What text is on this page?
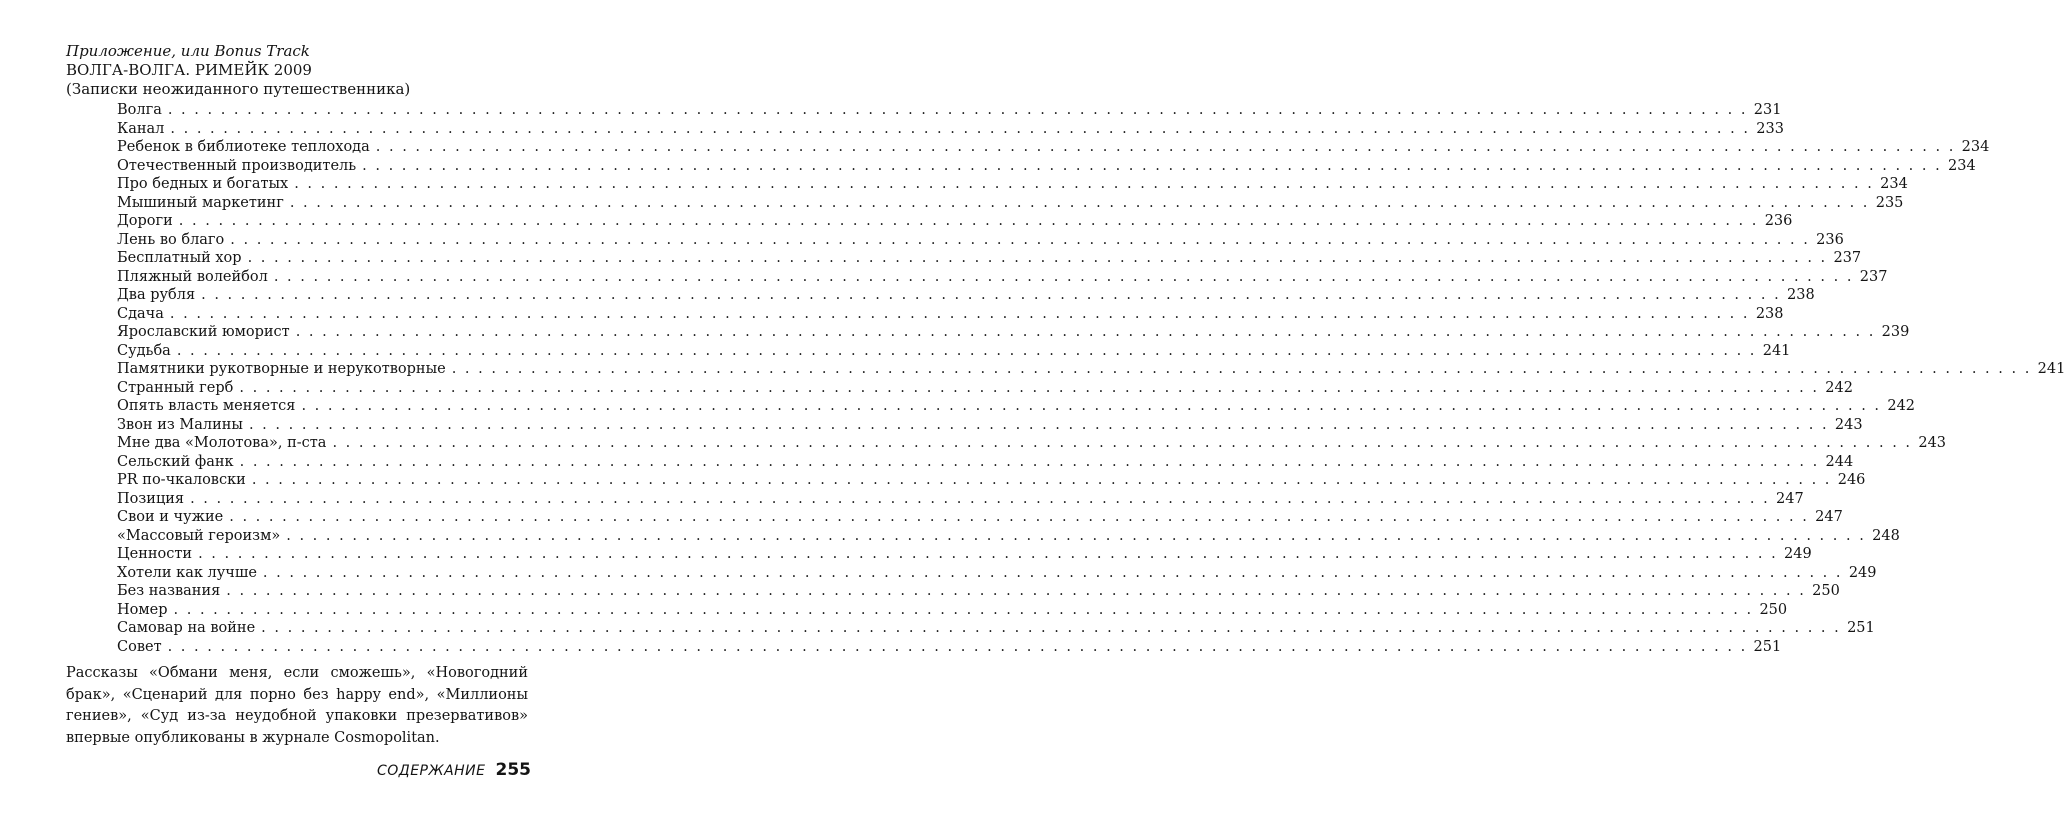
Приложение, или Bonus Track
ВОЛГА-ВОЛГА. РИМЕЙК 2009
(Записки неожиданного путешественника)
Волга . . . . . . . . . . . . . . . . . . . . . . . . . . . . . . . . . . . . . . . . . . . . . . . . . . . . . . . . . . . . . . . . . . . . . . . . . . . . . . . . . . . . . . . . . . . . . . . . . . . . . . . . . . . . . . . . . . . . . . . . 231
Канал . . . . . . . . . . . . . . . . . . . . . . . . . . . . . . . . . . . . . . . . . . . . . . . . . . . . . . . . . . . . . . . . . . . . . . . . . . . . . . . . . . . . . . . . . . . . . . . . . . . . . . . . . . . . . . . . . . . . . . . . 233
Ребенок в библиотеке теплохода . . . . . . . . . . . . . . . . . . . . . . . . . . . . . . . . . . . . . . . . . . . . . . . . . . . . . . . . . . . . . . . . . . . . . . . . . . . . . . . . . . . . . . . . . . . . . . . . . . . . . . . . . . . . . . . . . . . . . . . . 234
Отечественный производитель . . . . . . . . . . . . . . . . . . . . . . . . . . . . . . . . . . . . . . . . . . . . . . . . . . . . . . . . . . . . . . . . . . . . . . . . . . . . . . . . . . . . . . . . . . . . . . . . . . . . . . . . . . . . . . . . . . . . . . . . 234
Про бедных и богатых . . . . . . . . . . . . . . . . . . . . . . . . . . . . . . . . . . . . . . . . . . . . . . . . . . . . . . . . . . . . . . . . . . . . . . . . . . . . . . . . . . . . . . . . . . . . . . . . . . . . . . . . . . . . . . . . . . . . . . . . 234
Мышиный маркетинг . . . . . . . . . . . . . . . . . . . . . . . . . . . . . . . . . . . . . . . . . . . . . . . . . . . . . . . . . . . . . . . . . . . . . . . . . . . . . . . . . . . . . . . . . . . . . . . . . . . . . . . . . . . . . . . . . . . . . . . . 235
Дороги . . . . . . . . . . . . . . . . . . . . . . . . . . . . . . . . . . . . . . . . . . . . . . . . . . . . . . . . . . . . . . . . . . . . . . . . . . . . . . . . . . . . . . . . . . . . . . . . . . . . . . . . . . . . . . . . . . . . . . . . 236
Лень во благо . . . . . . . . . . . . . . . . . . . . . . . . . . . . . . . . . . . . . . . . . . . . . . . . . . . . . . . . . . . . . . . . . . . . . . . . . . . . . . . . . . . . . . . . . . . . . . . . . . . . . . . . . . . . . . . . . . . . . . . . 236
Бесплатный хор . . . . . . . . . . . . . . . . . . . . . . . . . . . . . . . . . . . . . . . . . . . . . . . . . . . . . . . . . . . . . . . . . . . . . . . . . . . . . . . . . . . . . . . . . . . . . . . . . . . . . . . . . . . . . . . . . . . . . . . . 237
Пляжный волейбол . . . . . . . . . . . . . . . . . . . . . . . . . . . . . . . . . . . . . . . . . . . . . . . . . . . . . . . . . . . . . . . . . . . . . . . . . . . . . . . . . . . . . . . . . . . . . . . . . . . . . . . . . . . . . . . . . . . . . . . . 237
Два рубля . . . . . . . . . . . . . . . . . . . . . . . . . . . . . . . . . . . . . . . . . . . . . . . . . . . . . . . . . . . . . . . . . . . . . . . . . . . . . . . . . . . . . . . . . . . . . . . . . . . . . . . . . . . . . . . . . . . . . . . . 238
Сдача . . . . . . . . . . . . . . . . . . . . . . . . . . . . . . . . . . . . . . . . . . . . . . . . . . . . . . . . . . . . . . . . . . . . . . . . . . . . . . . . . . . . . . . . . . . . . . . . . . . . . . . . . . . . . . . . . . . . . . . . 238
Ярославский юморист . . . . . . . . . . . . . . . . . . . . . . . . . . . . . . . . . . . . . . . . . . . . . . . . . . . . . . . . . . . . . . . . . . . . . . . . . . . . . . . . . . . . . . . . . . . . . . . . . . . . . . . . . . . . . . . . . . . . . . . . 239
Судьба . . . . . . . . . . . . . . . . . . . . . . . . . . . . . . . . . . . . . . . . . . . . . . . . . . . . . . . . . . . . . . . . . . . . . . . . . . . . . . . . . . . . . . . . . . . . . . . . . . . . . . . . . . . . . . . . . . . . . . . . 241
Памятники рукотворные и нерукотворные . . . . . . . . . . . . . . . . . . . . . . . . . . . . . . . . . . . . . . . . . . . . . . . . . . . . . . . . . . . . . . . . . . . . . . . . . . . . . . . . . . . . . . . . . . . . . . . . . . . . . . . . . . . . . . . . . . . . . . . . 241
Странный герб . . . . . . . . . . . . . . . . . . . . . . . . . . . . . . . . . . . . . . . . . . . . . . . . . . . . . . . . . . . . . . . . . . . . . . . . . . . . . . . . . . . . . . . . . . . . . . . . . . . . . . . . . . . . . . . . . . . . . . . . 242
Опять власть меняется . . . . . . . . . . . . . . . . . . . . . . . . . . . . . . . . . . . . . . . . . . . . . . . . . . . . . . . . . . . . . . . . . . . . . . . . . . . . . . . . . . . . . . . . . . . . . . . . . . . . . . . . . . . . . . . . . . . . . . . . 242
Звон из Малины . . . . . . . . . . . . . . . . . . . . . . . . . . . . . . . . . . . . . . . . . . . . . . . . . . . . . . . . . . . . . . . . . . . . . . . . . . . . . . . . . . . . . . . . . . . . . . . . . . . . . . . . . . . . . . . . . . . . . . . . 243
Мне два «Молотова», п-ста . . . . . . . . . . . . . . . . . . . . . . . . . . . . . . . . . . . . . . . . . . . . . . . . . . . . . . . . . . . . . . . . . . . . . . . . . . . . . . . . . . . . . . . . . . . . . . . . . . . . . . . . . . . . . . . . . . . . . . . . 243
Сельский фанк . . . . . . . . . . . . . . . . . . . . . . . . . . . . . . . . . . . . . . . . . . . . . . . . . . . . . . . . . . . . . . . . . . . . . . . . . . . . . . . . . . . . . . . . . . . . . . . . . . . . . . . . . . . . . . . . . . . . . . . . 244
PR по-чкаловски . . . . . . . . . . . . . . . . . . . . . . . . . . . . . . . . . . . . . . . . . . . . . . . . . . . . . . . . . . . . . . . . . . . . . . . . . . . . . . . . . . . . . . . . . . . . . . . . . . . . . . . . . . . . . . . . . . . . . . . . 246
Позиция . . . . . . . . . . . . . . . . . . . . . . . . . . . . . . . . . . . . . . . . . . . . . . . . . . . . . . . . . . . . . . . . . . . . . . . . . . . . . . . . . . . . . . . . . . . . . . . . . . . . . . . . . . . . . . . . . . . . . . . . 247
Свои и чужие . . . . . . . . . . . . . . . . . . . . . . . . . . . . . . . . . . . . . . . . . . . . . . . . . . . . . . . . . . . . . . . . . . . . . . . . . . . . . . . . . . . . . . . . . . . . . . . . . . . . . . . . . . . . . . . . . . . . . . . . 247
«Массовый героизм» . . . . . . . . . . . . . . . . . . . . . . . . . . . . . . . . . . . . . . . . . . . . . . . . . . . . . . . . . . . . . . . . . . . . . . . . . . . . . . . . . . . . . . . . . . . . . . . . . . . . . . . . . . . . . . . . . . . . . . . . 248
Ценности . . . . . . . . . . . . . . . . . . . . . . . . . . . . . . . . . . . . . . . . . . . . . . . . . . . . . . . . . . . . . . . . . . . . . . . . . . . . . . . . . . . . . . . . . . . . . . . . . . . . . . . . . . . . . . . . . . . . . . . . 249
Хотели как лучше . . . . . . . . . . . . . . . . . . . . . . . . . . . . . . . . . . . . . . . . . . . . . . . . . . . . . . . . . . . . . . . . . . . . . . . . . . . . . . . . . . . . . . . . . . . . . . . . . . . . . . . . . . . . . . . . . . . . . . . . 249
Без названия . . . . . . . . . . . . . . . . . . . . . . . . . . . . . . . . . . . . . . . . . . . . . . . . . . . . . . . . . . . . . . . . . . . . . . . . . . . . . . . . . . . . . . . . . . . . . . . . . . . . . . . . . . . . . . . . . . . . . . . . 250
Номер . . . . . . . . . . . . . . . . . . . . . . . . . . . . . . . . . . . . . . . . . . . . . . . . . . . . . . . . . . . . . . . . . . . . . . . . . . . . . . . . . . . . . . . . . . . . . . . . . . . . . . . . . . . . . . . . . . . . . . . . 250
Самовар на войне . . . . . . . . . . . . . . . . . . . . . . . . . . . . . . . . . . . . . . . . . . . . . . . . . . . . . . . . . . . . . . . . . . . . . . . . . . . . . . . . . . . . . . . . . . . . . . . . . . . . . . . . . . . . . . . . . . . . . . . . 251
Совет . . . . . . . . . . . . . . . . . . . . . . . . . . . . . . . . . . . . . . . . . . . . . . . . . . . . . . . . . . . . . . . . . . . . . . . . . . . . . . . . . . . . . . . . . . . . . . . . . . . . . . . . . . . . . . . . . . . . . . . . 251
Рассказы «Обмани меня, если сможешь», «Новогодний брак», «Сценарий для порно без happy end», «Миллионы гениев», «Суд из-за неудобной упаковки презервативов» впервые опубликованы в журнале Cosmopolitan.
СОДЕРЖАНИЕ 255
